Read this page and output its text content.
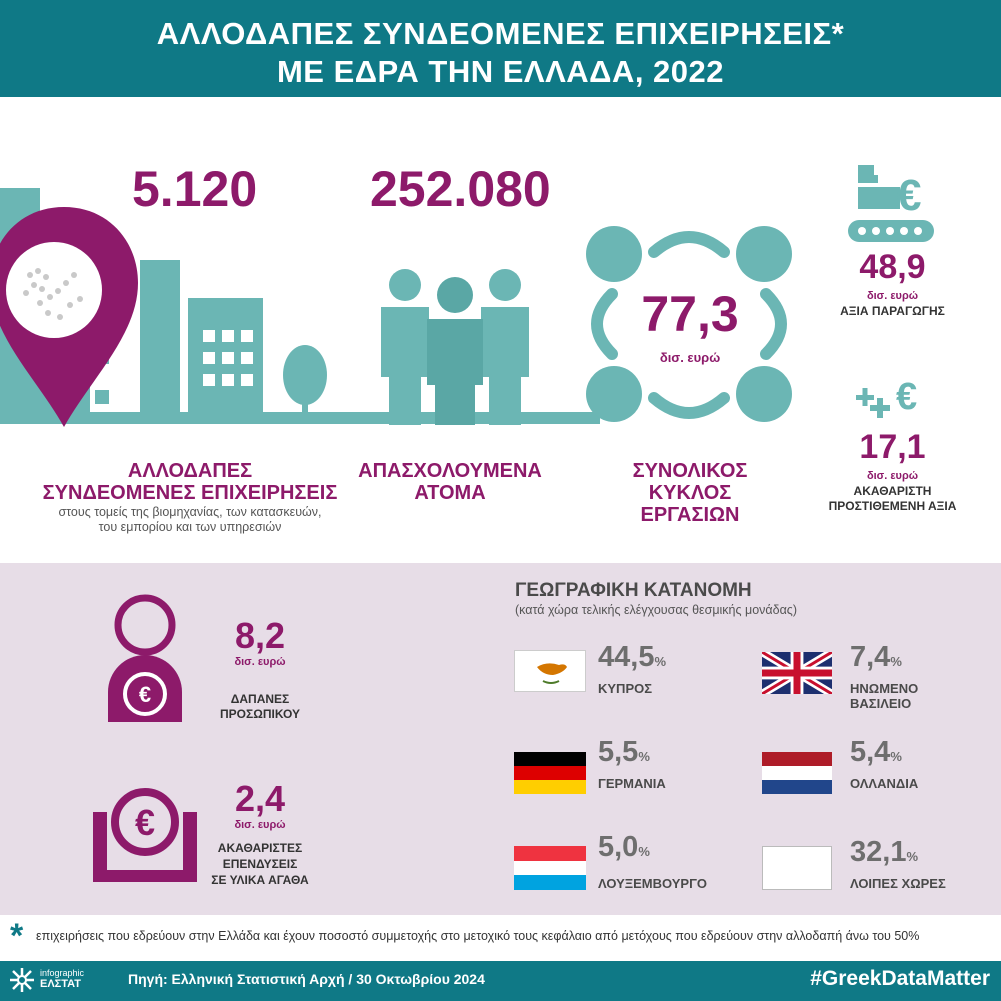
ΑΛΛΟΔΑΠΕΣ ΣΥΝΔΕΟΜΕΝΕΣ ΕΠΙΧΕΙΡΗΣΕΙΣ*
ΜΕ ΕΔΡΑ ΤΗΝ ΕΛΛΑΔΑ, 2022
5.120
ΑΛΛΟΔΑΠΕΣ
ΣΥΝΔΕΟΜΕΝΕΣ ΕΠΙΧΕΙΡΗΣΕΙΣ
στους τομείς της βιομηχανίας, των κατασκευών,
του εμπορίου και των υπηρεσιών
252.080
ΑΠΑΣΧΟΛΟΥΜΕΝΑ
ΑΤΟΜΑ
77,3
δισ. ευρώ
ΣΥΝΟΛΙΚΟΣ
ΚΥΚΛΟΣ
ΕΡΓΑΣΙΩΝ
€
48,9
δισ. ευρώ
ΑΞΙΑ ΠΑΡΑΓΩΓΗΣ
€
17,1
δισ. ευρώ
ΑΚΑΘΑΡΙΣΤΗ
ΠΡΟΣΤΙΘΕΜΕΝΗ ΑΞΙΑ
€
8,2
δισ. ευρώ
ΔΑΠΑΝΕΣ
ΠΡΟΣΩΠΙΚΟΥ
€
2,4
δισ. ευρώ
ΑΚΑΘΑΡΙΣΤΕΣ
ΕΠΕΝΔΥΣΕΙΣ
ΣΕ ΥΛΙΚΑ ΑΓΑΘΑ
ΓΕΩΓΡΑΦΙΚΗ ΚΑΤΑΝΟΜΗ
(κατά χώρα τελικής ελέγχουσας θεσμικής μονάδας)
44,5%
ΚΥΠΡΟΣ
7,4%
ΗΝΩΜΕΝΟ
ΒΑΣΙΛΕΙΟ
5,5%
ΓΕΡΜΑΝΙΑ
5,4%
ΟΛΛΑΝΔΙΑ
5,0%
ΛΟΥΞΕΜΒΟΥΡΓΟ
32,1%
ΛΟΙΠΕΣ ΧΩΡΕΣ
* επιχειρήσεις που εδρεύουν στην Ελλάδα και έχουν ποσοστό συμμετοχής στο μετοχικό τους κεφάλαιο από μετόχους που εδρεύουν στην αλλοδαπή άνω του 50%
infographic
ΕΛΣΤΑΤ	Πηγή: Ελληνική Στατιστική Αρχή / 30 Οκτωβρίου 2024	#GreekDataMatter
